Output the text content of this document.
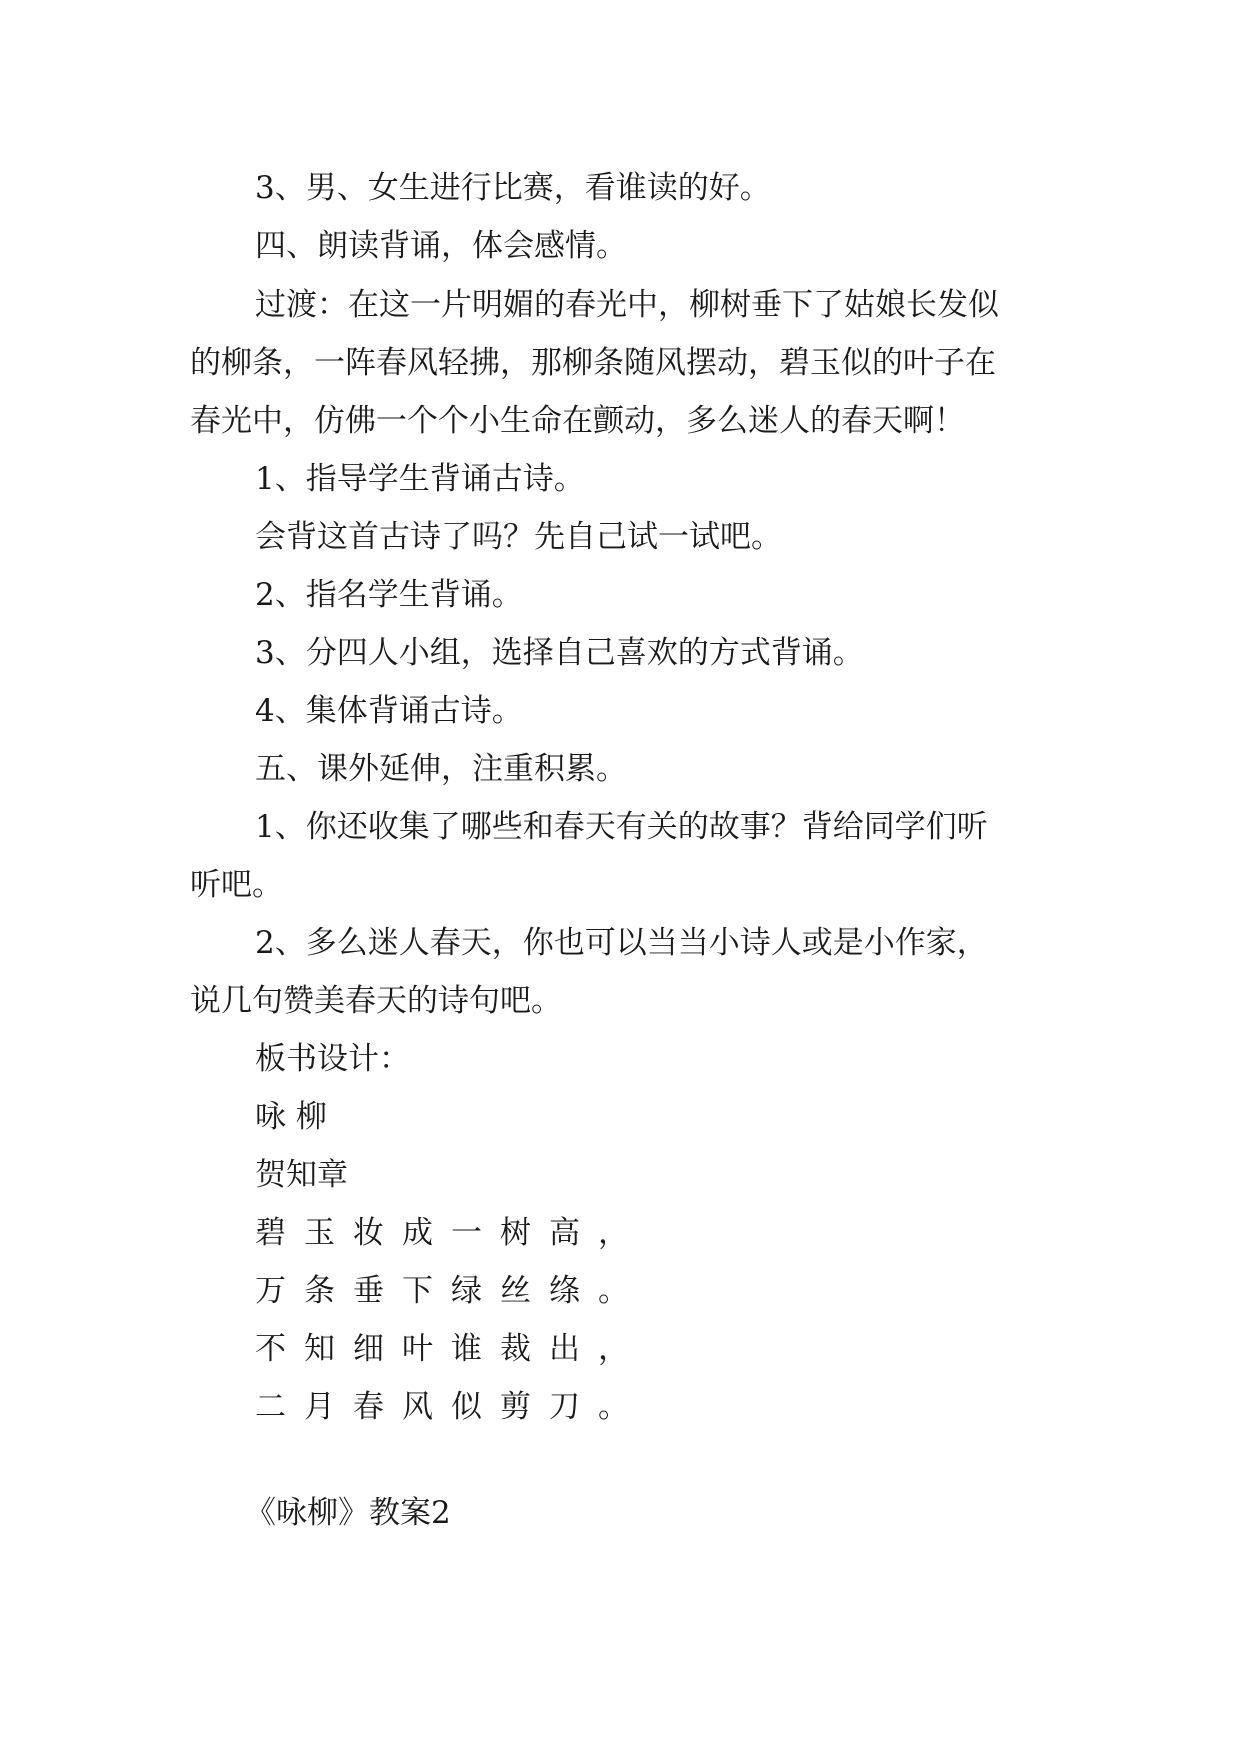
3、男、女生进行比赛，看谁读的好。
四、朗读背诵，体会感情。
过渡：在这一片明媚的春光中，柳树垂下了姑娘长发似
的柳条，一阵春风轻拂，那柳条随风摆动，碧玉似的叶子在
春光中，仿佛一个个小生命在颤动，多么迷人的春天啊！
1、指导学生背诵古诗。
会背这首古诗了吗？先自己试一试吧。
2、指名学生背诵。
3、分四人小组，选择自己喜欢的方式背诵。
4、集体背诵古诗。
五、课外延伸，注重积累。
1、你还收集了哪些和春天有关的故事？背给同学们听
听吧。
2、多么迷人春天，你也可以当当小诗人或是小作家，
说几句赞美春天的诗句吧。
板书设计：
咏 柳
贺知章
碧玉妆成一树高，
万条垂下绿丝绦。
不知细叶谁裁出，
二月春风似剪刀。
《咏柳》教案2
